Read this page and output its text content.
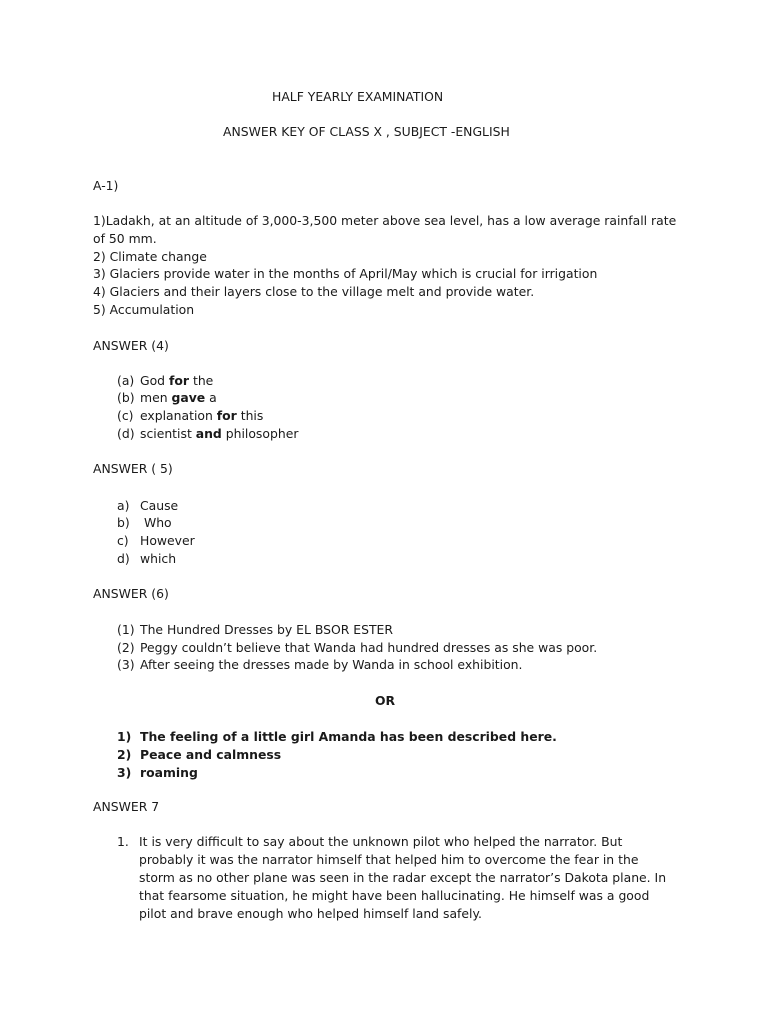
HALF YEARLY EXAMINATION
ANSWER KEY OF CLASS X , SUBJECT -ENGLISH
A-1)
1)Ladakh, at an altitude of 3,000-3,500 meter above sea level, has a low average rainfall rate of 50 mm.
2) Climate change
3) Glaciers provide water in the months of April/May which is crucial for irrigation
4) Glaciers and their layers close to the village melt and provide water.
5) Accumulation
ANSWER (4)
(a) God for the
(b) men gave a
(c) explanation for this
(d) scientist and philosopher
ANSWER ( 5)
a) Cause
b) Who
c) However
d) which
ANSWER (6)
(1) The Hundred Dresses by EL BSOR ESTER
(2) Peggy couldn’t believe that Wanda had hundred dresses as she was poor.
(3) After seeing the dresses made by Wanda in school exhibition.
OR
1) The feeling of a little girl Amanda has been described here.
2) Peace and calmness
3) roaming
ANSWER 7
1. It is very difficult to say about the unknown pilot who helped the narrator. But
probably it was the narrator himself that helped him to overcome the fear in the
storm as no other plane was seen in the radar except the narrator’s Dakota plane. In
that fearsome situation, he might have been hallucinating. He himself was a good
pilot and brave enough who helped himself land safely.
